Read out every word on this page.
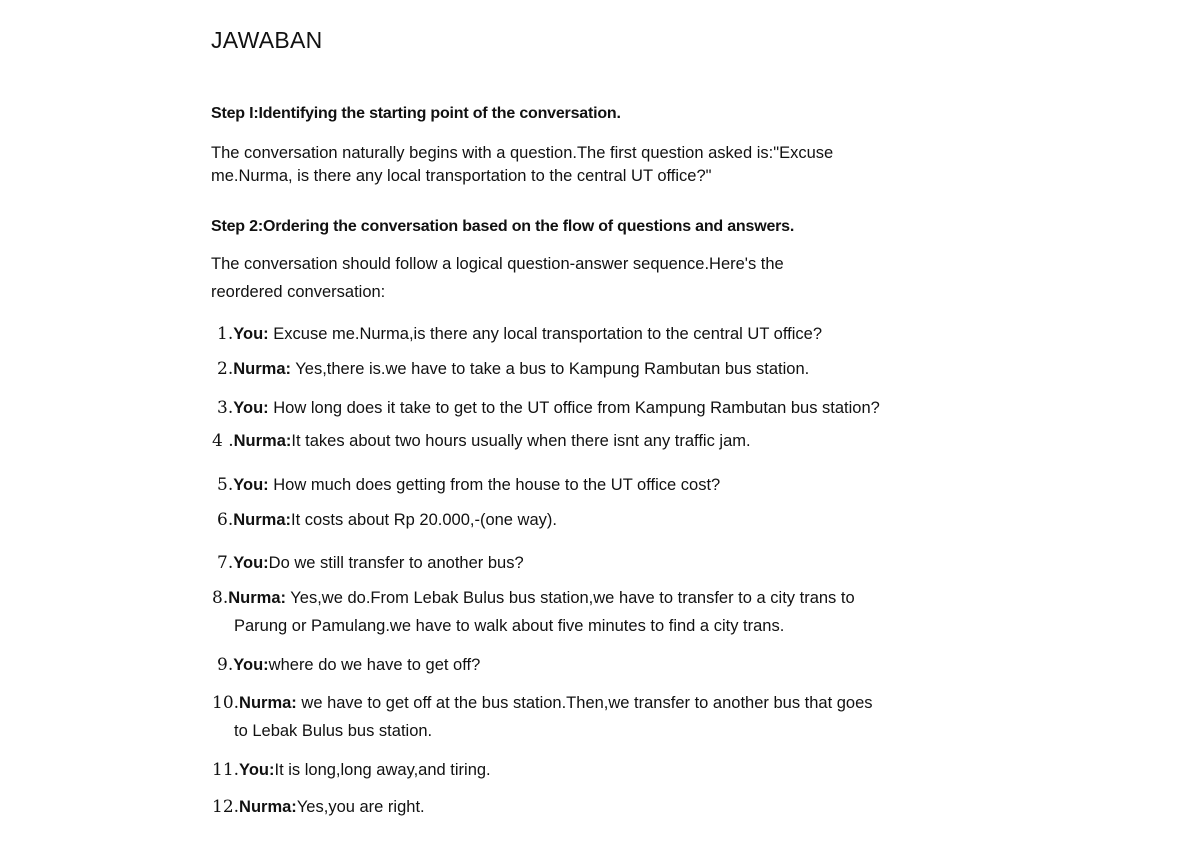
JAWABAN
Step I:Identifying the starting point of the conversation.
The conversation naturally begins with a question.The first question asked is:"Excuse
me.Nurma, is there any local transportation to the central UT office?"
Step 2:Ordering the conversation based on the flow of questions and answers.
The conversation should follow a logical question-answer sequence.Here's the
reordered conversation:
1.You: Excuse me.Nurma,is there any local transportation to the central UT office?
2.Nurma: Yes,there is.we have to take a bus to Kampung Rambutan bus station.
3.You: How long does it take to get to the UT office from Kampung Rambutan bus station?
4 .Nurma:It takes about two hours usually when there isnt any traffic jam.
5.You: How much does getting from the house to the UT office cost?
6.Nurma:It costs about Rp 20.000,-(one way).
7.You:Do we still transfer to another bus?
8.Nurma: Yes,we do.From Lebak Bulus bus station,we have to transfer to a city trans to
Parung or Pamulang.we have to walk about five minutes to find a city trans.
9.You:where do we have to get off?
10.Nurma: we have to get off at the bus station.Then,we transfer to another bus that goes
to Lebak Bulus bus station.
11.You:It is long,long away,and tiring.
12.Nurma:Yes,you are right.
